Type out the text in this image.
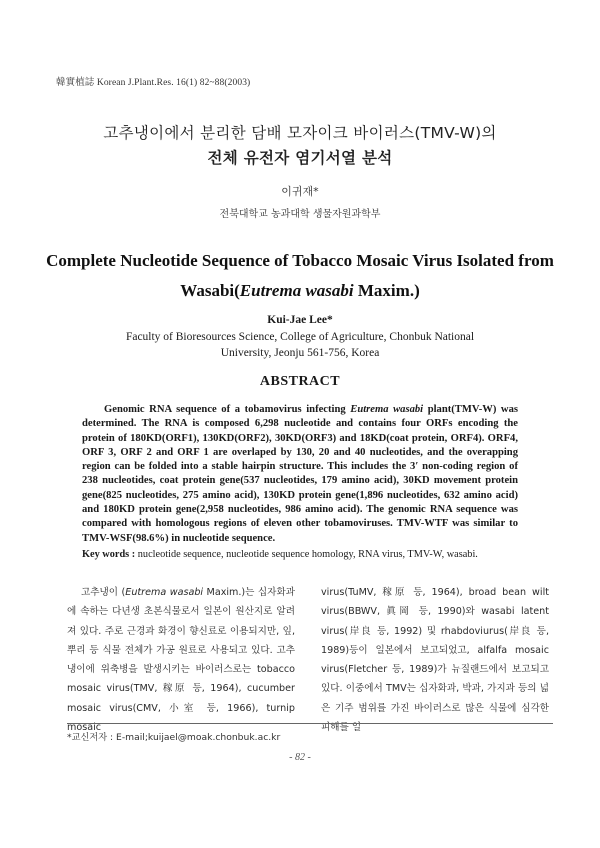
韓實植誌 Korean J.Plant.Res. 16(1) 82~88(2003)
고추냉이에서 분리한 담배 모자이크 바이러스(TMV-W)의
전체 유전자 염기서열 분석
이귀재*
전북대학교 농과대학 생물자원과학부
Complete Nucleotide Sequence of Tobacco Mosaic Virus Isolated from
Wasabi(Eutrema wasabi Maxim.)
Kui-Jae Lee*
Faculty of Bioresources Science, College of Agriculture, Chonbuk National
University, Jeonju 561-756, Korea
ABSTRACT

Genomic RNA sequence of a tobamovirus infecting Eutrema wasabi plant(TMV-W) was determined. The RNA is composed 6,298 nucleotide and contains four ORFs encoding the protein of 180KD(ORF1), 130KD(ORF2), 30KD(ORF3) and 18KD(coat protein, ORF4). ORF4, ORF 3, ORF 2 and ORF 1 are overlaped by 130, 20 and 40 nucleotides, and the overapping region can be folded into a stable hairpin structure. This includes the 3′ non-coding region of 238 nucleotides, coat protein gene(537 nucleotides, 179 amino acid), 30KD movement protein gene(825 nucleotides, 275 amino acid), 130KD protein gene(1,896 nucleotides, 632 amino acid) and 180KD protein gene(2,958 nucleotides, 986 amino acid). The genomic RNA sequence was compared with homologous regions of eleven other tobamoviruses. TMV-WTF was similar to TMV-WSF(98.6%) in nucleotide sequence.

Key words : nucleotide sequence, nucleotide sequence homology, RNA virus, TMV-W, wasabi.

고추냉이 (Eutrema wasabi Maxim.)는 십자화과에 속하는 다년생 초본식물로서 일본이 원산지로 알려져 있다. 주로 근경과 화경이 향신료로 이용되지만, 잎, 뿌리 등 식물 전체가 가공 원료로 사용되고 있다. 고추냉이에 위축병을 발생시키는 바이러스로는 tobacco mosaic virus(TMV, 稼原 등, 1964), cucumber mosaic virus(CMV, 小室 등, 1966), turnip mosaic

virus(TuMV, 稼原 등, 1964), broad bean wilt virus(BBWV, 眞岡 등, 1990)와 wasabi latent virus(岸良 등, 1992) 및 rhabdoviurus(岸良 등, 1989)등이 일본에서 보고되었고, alfalfa mosaic virus(Fletcher 등, 1989)가 뉴질랜드에서 보고되고 있다. 이중에서 TMV는 십자화과, 박과, 가지과 등의 넓은 기주 범위를 가진 바이러스로 많은 식물에 심각한 피해를 일

*교신저자 : E-mail;kuijael@moak.chonbuk.ac.kr
- 82 -
